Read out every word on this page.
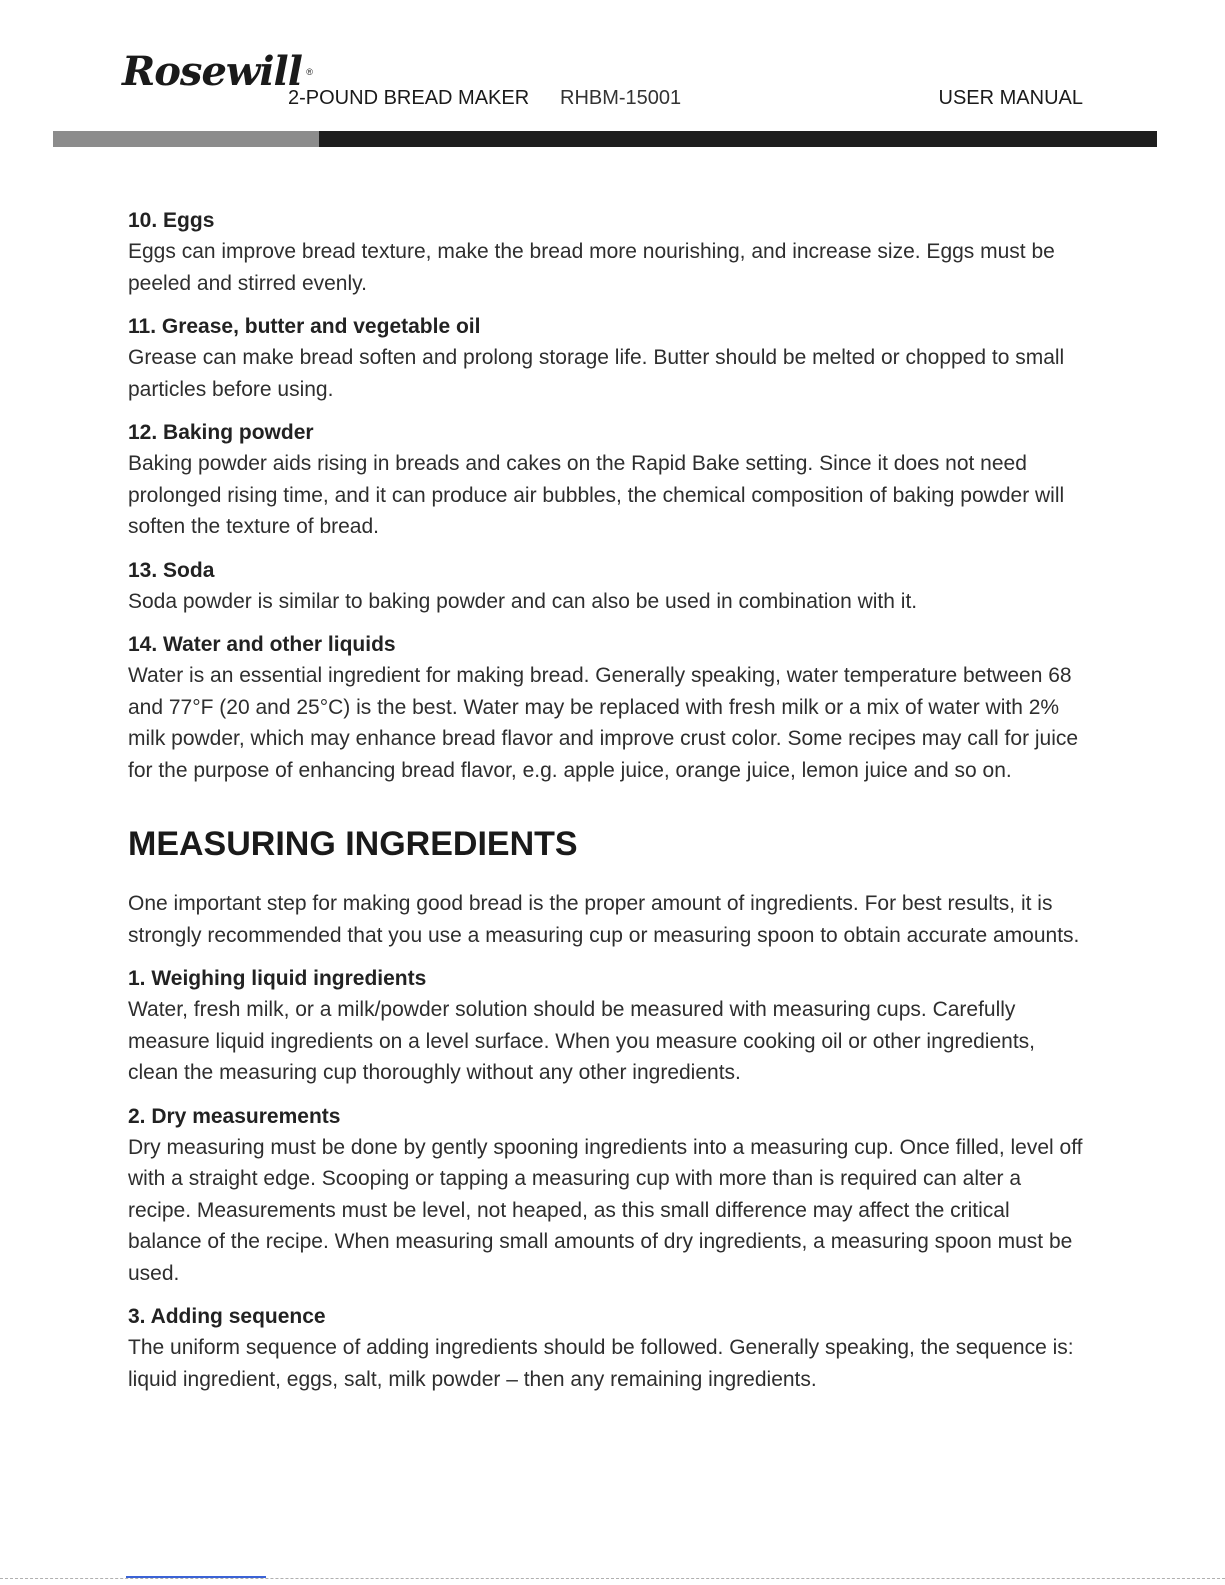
Rosewill ®
2-POUND BREAD MAKER RHBM-15001	USER MANUAL

10. Eggs

Eggs can improve bread texture, make the bread more nourishing, and increase size. Eggs must be peeled and stirred evenly.

11. Grease, butter and vegetable oil

Grease can make bread soften and prolong storage life. Butter should be melted or chopped to small particles before using.

12. Baking powder

Baking powder aids rising in breads and cakes on the Rapid Bake setting. Since it does not need prolonged rising time, and it can produce air bubbles, the chemical composition of baking powder will soften the texture of bread.

13. Soda

Soda powder is similar to baking powder and can also be used in combination with it.

14. Water and other liquids

Water is an essential ingredient for making bread. Generally speaking, water temperature between 68 and 77°F (20 and 25°C) is the best. Water may be replaced with fresh milk or a mix of water with 2% milk powder, which may enhance bread flavor and improve crust color. Some recipes may call for juice for the purpose of enhancing bread flavor, e.g. apple juice, orange juice, lemon juice and so on.

MEASURING INGREDIENTS

One important step for making good bread is the proper amount of ingredients. For best results, it is strongly recommended that you use a measuring cup or measuring spoon to obtain accurate amounts.

1. Weighing liquid ingredients

Water, fresh milk, or a milk/powder solution should be measured with measuring cups. Carefully measure liquid ingredients on a level surface. When you measure cooking oil or other ingredients, clean the measuring cup thoroughly without any other ingredients.

2. Dry measurements

Dry measuring must be done by gently spooning ingredients into a measuring cup. Once filled, level off with a straight edge. Scooping or tapping a measuring cup with more than is required can alter a recipe. Measurements must be level, not heaped, as this small difference may affect the critical balance of the recipe. When measuring small amounts of dry ingredients, a measuring spoon must be used.

3. Adding sequence

The uniform sequence of adding ingredients should be followed. Generally speaking, the sequence is: liquid ingredient, eggs, salt, milk powder – then any remaining ingredients.
